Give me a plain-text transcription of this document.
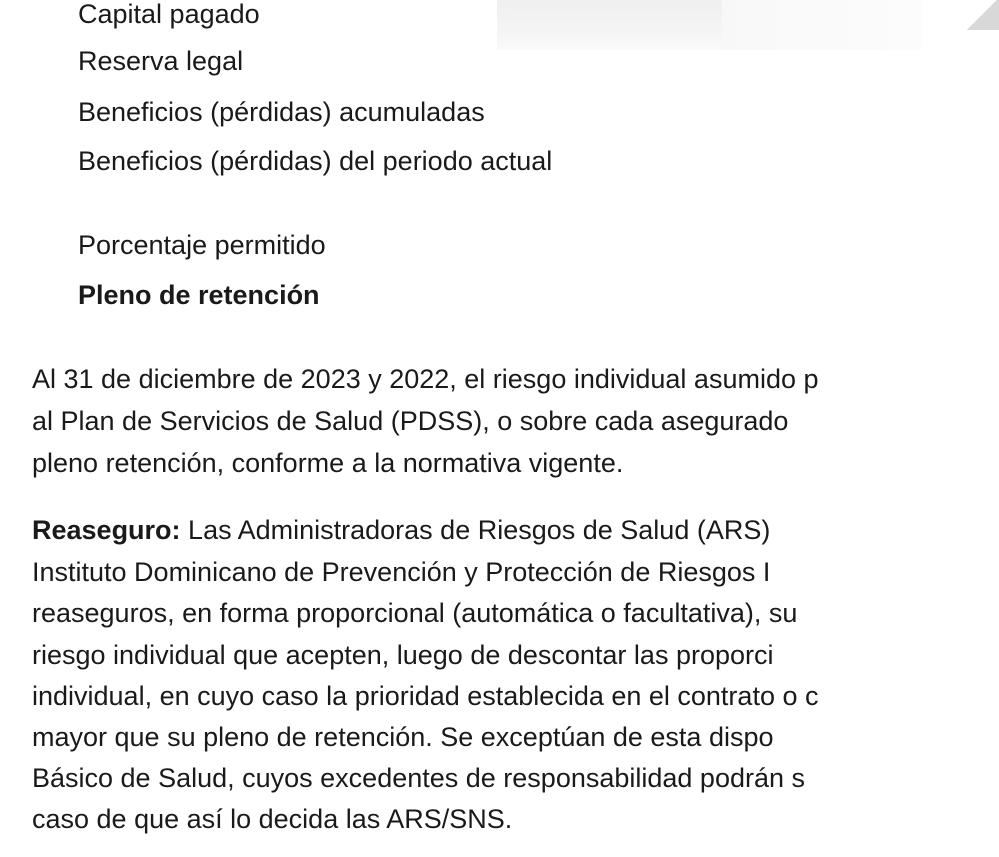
Capital pagado
Reserva legal
Beneficios (pérdidas) acumuladas
Beneficios (pérdidas) del periodo actual
Porcentaje permitido
Pleno de retención
Al 31 de diciembre de 2023 y 2022, el riesgo individual asumido p
al Plan de Servicios de Salud (PDSS), o sobre cada asegurado
pleno retención, conforme a la normativa vigente.
Reaseguro: Las Administradoras de Riesgos de Salud (ARS)
Instituto Dominicano de Prevención y Protección de Riesgos I
reaseguros, en forma proporcional (automática o facultativa), su
riesgo individual que acepten, luego de descontar las proporci
individual, en cuyo caso la prioridad establecida en el contrato o c
mayor que su pleno de retención. Se exceptúan de esta dispo
Básico de Salud, cuyos excedentes de responsabilidad podrán s
caso de que así lo decida las ARS/SNS.
